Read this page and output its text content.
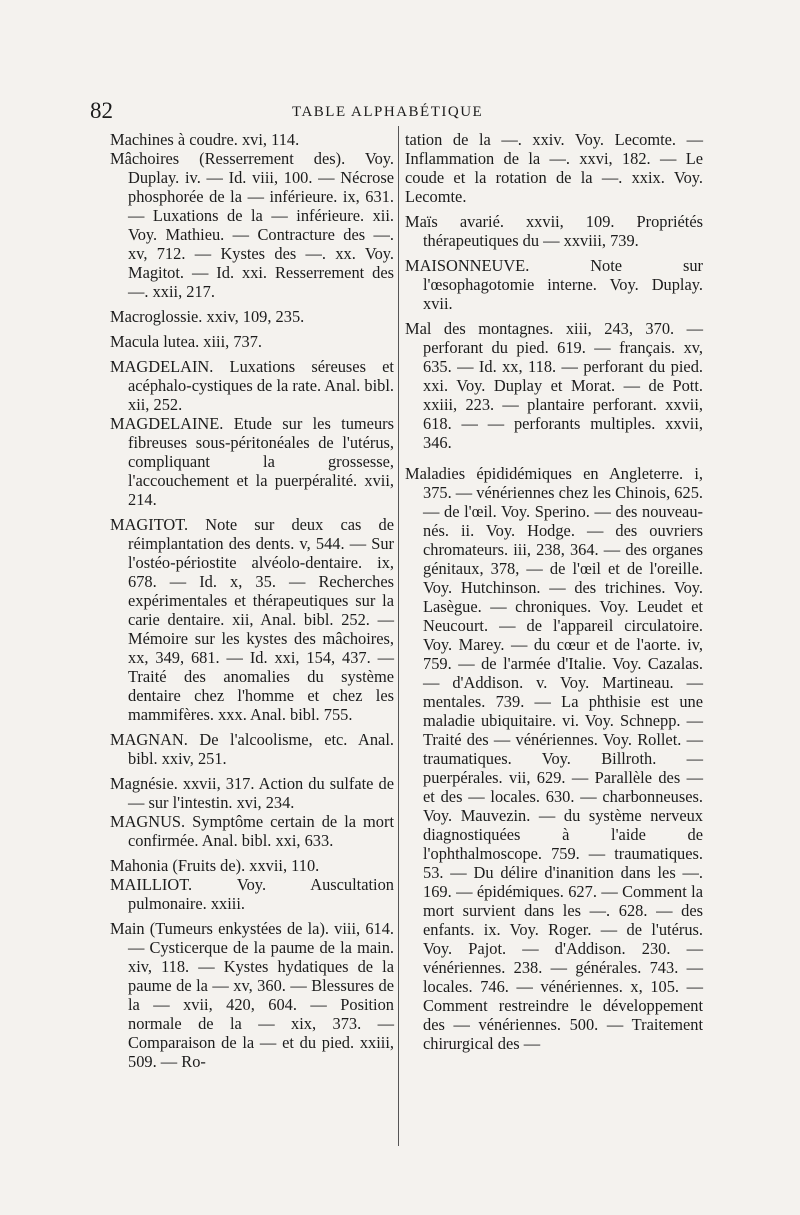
82	TABLE ALPHABÉTIQUE

Machines à coudre. xvi, 114.

Mâchoires (Resserrement des). Voy. Duplay. iv. — Id. viii, 100. — Nécrose phosphorée de la — inférieure. ix, 631. — Luxations de la — inférieure. xii. Voy. Mathieu. — Contracture des —. xv, 712. — Kystes des —. xx. Voy. Magitot. — Id. xxi. Resserrement des —. xxii, 217.

Macroglossie. xxiv, 109, 235.

Macula lutea. xiii, 737.

MAGDELAIN. Luxations séreuses et acéphalo-cystiques de la rate. Anal. bibl. xii, 252.

MAGDELAINE. Etude sur les tumeurs fibreuses sous-péritonéales de l'utérus, compliquant la grossesse, l'accouchement et la puerpéralité. xvii, 214.

MAGITOT. Note sur deux cas de réimplantation des dents. v, 544. — Sur l'ostéo-périostite alvéolo-dentaire. ix, 678. — Id. x, 35. — Recherches expérimentales et thérapeutiques sur la carie dentaire. xii, Anal. bibl. 252. — Mémoire sur les kystes des mâchoires, xx, 349, 681. — Id. xxi, 154, 437. — Traité des anomalies du système dentaire chez l'homme et chez les mammifères. xxx. Anal. bibl. 755.

MAGNAN. De l'alcoolisme, etc. Anal. bibl. xxiv, 251.

Magnésie. xxvii, 317. Action du sulfate de — sur l'intestin. xvi, 234.

MAGNUS. Symptôme certain de la mort confirmée. Anal. bibl. xxi, 633.

Mahonia (Fruits de). xxvii, 110.

MAILLIOT. Voy. Auscultation pulmonaire. xxiii.

Main (Tumeurs enkystées de la). viii, 614. — Cysticerque de la paume de la main. xiv, 118. — Kystes hydatiques de la paume de la — xv, 360. — Blessures de la — xvii, 420, 604. — Position normale de la — xix, 373. — Comparaison de la — et du pied. xxiii, 509. — Ro-

tation de la —. xxiv. Voy. Lecomte. — Inflammation de la —. xxvi, 182. — Le coude et la rotation de la —. xxix. Voy. Lecomte.

Maïs avarié. xxvii, 109. Propriétés thérapeutiques du — xxviii, 739.

MAISONNEUVE. Note sur l'œsophagotomie interne. Voy. Duplay. xvii.

Mal des montagnes. xiii, 243, 370. — perforant du pied. 619. — français. xv, 635. — Id. xx, 118. — perforant du pied. xxi. Voy. Duplay et Morat. — de Pott. xxiii, 223. — plantaire perforant. xxvii, 618. — — perforants multiples. xxvii, 346.

Maladies épididémiques en Angleterre. i, 375. — vénériennes chez les Chinois, 625. — de l'œil. Voy. Sperino. — des nouveau-nés. ii. Voy. Hodge. — des ouvriers chromateurs. iii, 238, 364. — des organes génitaux, 378, — de l'œil et de l'oreille. Voy. Hutchinson. — des trichines. Voy. Lasègue. — chroniques. Voy. Leudet et Neucourt. — de l'appareil circulatoire. Voy. Marey. — du cœur et de l'aorte. iv, 759. — de l'armée d'Italie. Voy. Cazalas. — d'Addison. v. Voy. Martineau. — mentales. 739. — La phthisie est une maladie ubiquitaire. vi. Voy. Schnepp. — Traité des — vénériennes. Voy. Rollet. — traumatiques. Voy. Billroth. — puerpérales. vii, 629. — Parallèle des — et des — locales. 630. — charbonneuses. Voy. Mauvezin. — du système nerveux diagnostiquées à l'aide de l'ophthalmoscope. 759. — traumatiques. 53. — Du délire d'inanition dans les —. 169. — épidémiques. 627. — Comment la mort survient dans les —. 628. — des enfants. ix. Voy. Roger. — de l'utérus. Voy. Pajot. — d'Addison. 230. — vénériennes. 238. — générales. 743. — locales. 746. — vénériennes. x, 105. — Comment restreindre le développement des — vénériennes. 500. — Traitement chirurgical des —
